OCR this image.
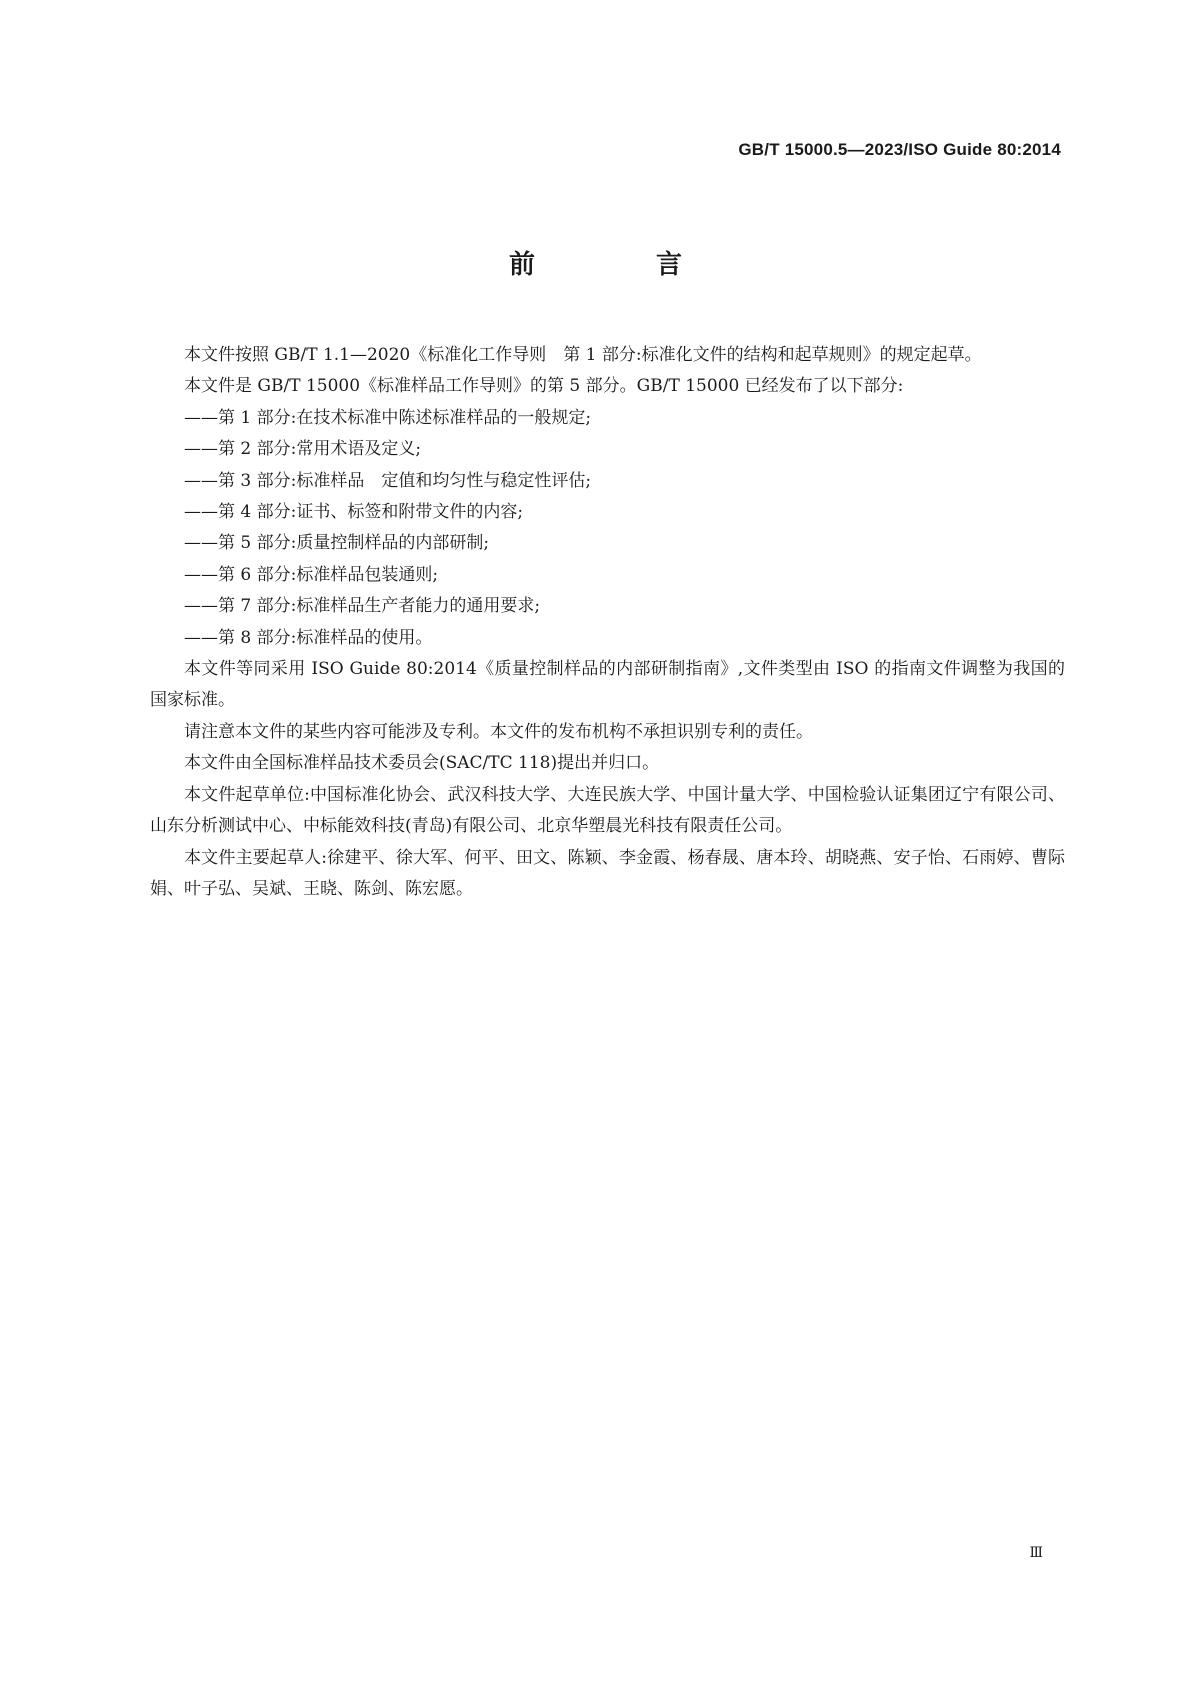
GB/T 15000.5—2023/ISO Guide 80:2014
前 言

本文件按照 GB/T 1.1—2020《标准化工作导则　第 1 部分:标准化文件的结构和起草规则》的规定起草。

本文件是 GB/T 15000《标准样品工作导则》的第 5 部分。GB/T 15000 已经发布了以下部分:

——第 1 部分:在技术标准中陈述标准样品的一般规定;

——第 2 部分:常用术语及定义;

——第 3 部分:标准样品　定值和均匀性与稳定性评估;

——第 4 部分:证书、标签和附带文件的内容;

——第 5 部分:质量控制样品的内部研制;

——第 6 部分:标准样品包装通则;

——第 7 部分:标准样品生产者能力的通用要求;

——第 8 部分:标准样品的使用。

本文件等同采用 ISO Guide 80:2014《质量控制样品的内部研制指南》,文件类型由 ISO 的指南文件调整为我国的国家标准。

请注意本文件的某些内容可能涉及专利。本文件的发布机构不承担识别专利的责任。

本文件由全国标准样品技术委员会(SAC/TC 118)提出并归口。

本文件起草单位:中国标准化协会、武汉科技大学、大连民族大学、中国计量大学、中国检验认证集团辽宁有限公司、山东分析测试中心、中标能效科技(青岛)有限公司、北京华塑晨光科技有限责任公司。

本文件主要起草人:徐建平、徐大军、何平、田文、陈颖、李金霞、杨春晟、唐本玲、胡晓燕、安子怡、石雨婷、曹际娟、叶子弘、吴斌、王晓、陈剑、陈宏愿。

Ⅲ
